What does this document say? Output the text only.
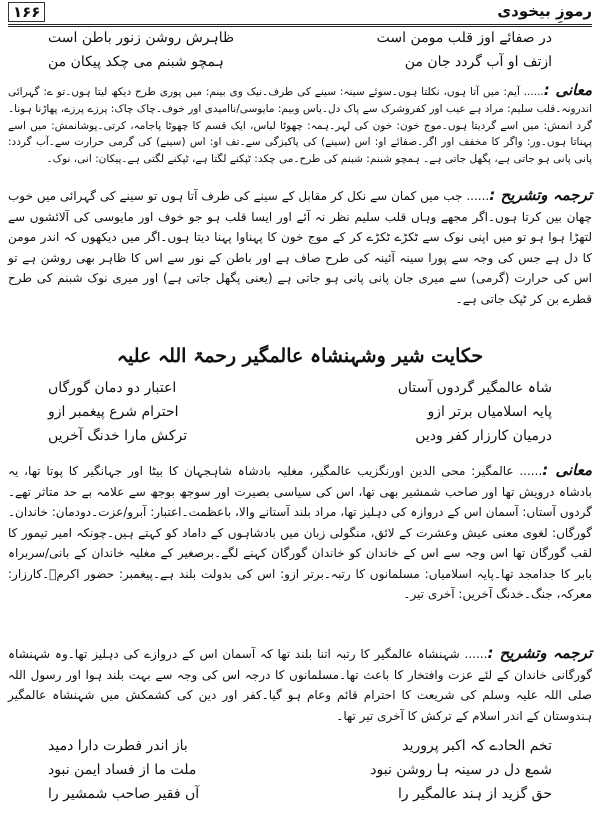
رموزِ بیخودی
۱۶۶
در صفائے اوز قلب مومن است
ظاہرش روشن زنور باطن است
ازتف او آب گردد جان من
ہمچو شبنم می چکد پیکان من

معانی :...... آیم: میں آتا ہوں، نکلتا ہوں۔سوئے سینہ: سینے کی طرف۔نیک وی بینم: میں پوری طرح دیکھ لیتا ہوں۔تو ے: گہرائی اندرونہ۔قلب سلیم: مراد ہے عیب اور کفروشرک سے پاک دل۔یاس وبیم: مایوسی/ناامیدی اور خوف۔چاک چاک: پرزے پرزے، پھاڑنا ہونا۔گرد انمش: میں اسے گردیتا ہوں۔موج خون: خون کی لہر۔ہمہ: چھوٹا لباس، ایک قسم کا چھوٹا پاجامہ، کرتی۔پوشانمش: میں اسے پہناتا ہوں۔ور: واگر کا مخفف اور اگر۔صفائے او: اس (سینے) کی پاکیزگی سے۔تف او: اس (سینے) کی گرمی حرارت سے۔آب گردد: پانی پانی ہو جاتی ہے، پگھل جاتی ہے۔ ہمچو شبنم: شبنم کی طرح۔می چکد: ٹپکنے لگتا ہے، ٹپکنے لگتی ہے۔پیکان: انی، نوک۔

ترجمہ وتشریح :...... جب میں کمان سے نکل کر مقابل کے سینے کی طرف آتا ہوں تو سینے کی گہرائی میں خوب چھان بین کرتا ہوں۔اگر مجھے وہاں قلب سلیم نظر نہ آئے اور ایسا قلب ہو جو خوف اور مایوسی کی آلائشوں سے لتھڑا ہوا ہو تو میں اپنی نوک سے ٹکڑے ٹکڑے کر کے موج خون کا پہناوا پہنا دیتا ہوں۔اگر میں دیکھوں کہ اندر مومن کا دل ہے جس کی وجہ سے پورا سینہ آئینہ کی طرح صاف ہے اور باطن کے نور سے اس کا ظاہر بھی روشن ہے تو اس کی حرارت (گرمی) سے میری جان پانی پانی ہو جاتی ہے (یعنی پگھل جاتی ہے) اور میری نوک شبنم کی طرح قطرے بن کر ٹپک جاتی ہے۔

حکایت شیر وشہنشاہ عالمگیر رحمۃ اللہ علیہ
شاہ عالمگیر گردوں آستاں
اعتبار دو دمان گورگاں
پایہ اسلامیاں برتر ازو
احترام شرع پیغمبر ازو
درمیان کارزار کفر ودیں
ترکش مارا خدنگ آخریں

معانی :...... عالمگیر: محی الدین اورنگزیب عالمگیر، مغلیہ بادشاہ شاہجہان کا بیٹا اور جہانگیر کا پوتا تھا، یہ بادشاہ درویش تھا اور صاحب شمشیر بھی تھا، اس کی سیاسی بصیرت اور سوجھ بوجھ سے علامہ بے حد متاثر تھے۔گردوں آستاں: آسمان اس کے دروازہ کی دہلیز تھا، مراد بلند آستانے والا، باعظمت۔اعتبار: آبرو/عزت۔دودمان: خاندان۔گورگاں: لغوی معنی عیش وعشرت کے لائق، منگولی زبان میں بادشاہوں کے داماد کو کہتے ہیں۔چونکہ امیر تیمور کا لقب گورگان تھا اس وجہ سے اس کے خاندان کو خاندان گورگان کہنے لگے۔برصغیر کے مغلیہ خاندان کے بانی/سربراہ بابر کا جدامجد تھا۔پایہ اسلامیاں: مسلمانوں کا رتبہ۔برتر ازو: اس کی بدولت بلند ہے۔پیغمبر: حضور اکرمؐ۔کارزار: معرکہ، جنگ۔خدنگ آخریں: آخری تیر۔

ترجمہ وتشریح :...... شہنشاہ عالمگیر کا رتبہ اتنا بلند تھا کہ آسمان اس کے دروازے کی دہلیز تھا۔وہ شہنشاہ گورگانی خاندان کے لئے عزت وافتخار کا باعث تھا۔مسلمانوں کا درجہ اس کی وجہ سے بہت بلند ہوا اور رسول اللہ صلی اللہ علیہ وسلم کی شریعت کا احترام قائم وعام ہو گیا۔کفر اور دین کی کشمکش میں شہنشاہ عالمگیر ہندوستان کے اندر اسلام کے ترکش کا آخری تیر تھا۔

تخم الحادے کہ اکبر پرورید
باز اندر فطرت دارا دمید
شمع دل در سینہ ہا روشن نبود
ملت ما از فساد ایمن نبود
حق گزید از ہند عالمگیر را
آں فقیر صاحب شمشیر را
